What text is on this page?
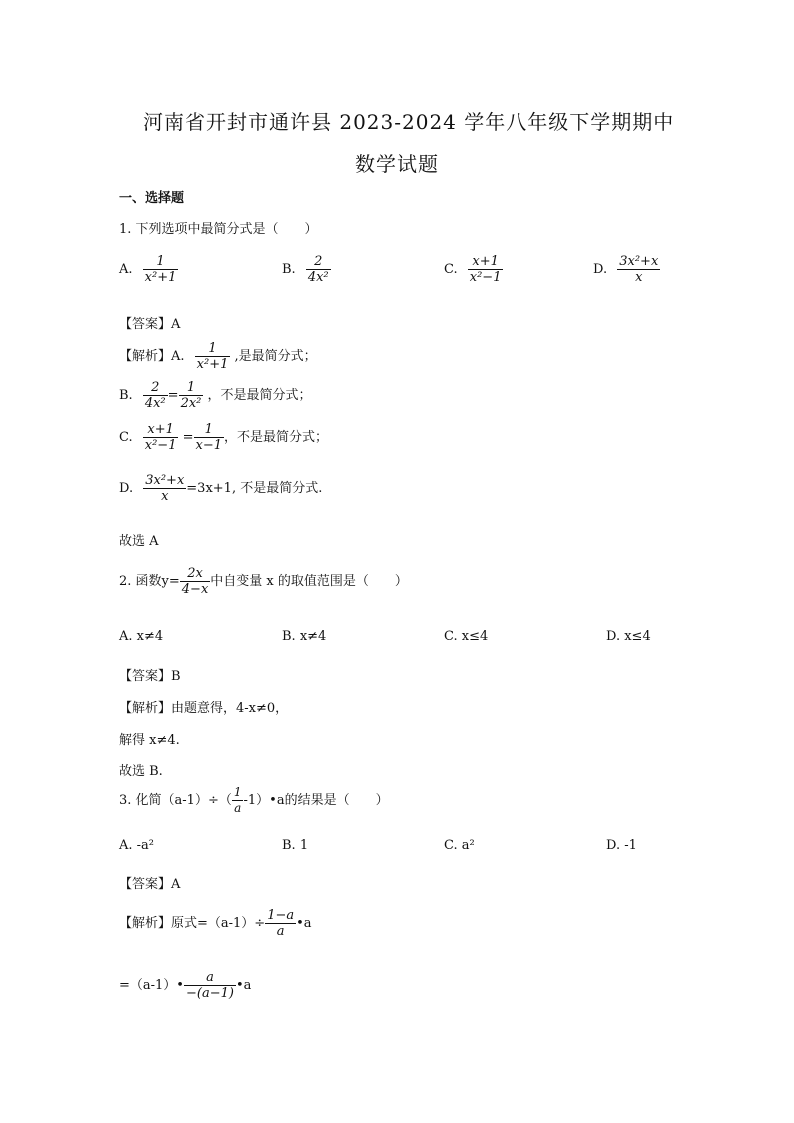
河南省开封市通许县 2023-2024 学年八年级下学期期中
数学试题
一、选择题
1. 下列选项中最简分式是（　　）
A. $\frac{1}{\text{x²+1}}$	B. $\frac{2}{\text{4x²}}$	C. $\frac{x+1}{\text{x²−1}}$	D. $\frac{\text{3x²+x}}{x}$
【答案】A
【解析】A. $\frac{1}{\text{x²+1}}$ ,是最简分式；
B. $\frac{2}{\text{4x²}} = \frac{1}{\text{2x²}}$ ，不是最简分式；
C. $\frac{x+1}{\text{x²−1}} = \frac{1}{x-1}$ ，不是最简分式；
D. $\frac{\text{3x²+x}}{x} =3x+1$, 不是最简分式.
故选 A
2. 函数$y= \frac{2x}{4-x}$ 中自变量 x 的取值范围是（　　）
A. x≠4	B. x≠4	C. x≤4	D. x≤4
【答案】B
【解析】由题意得，4-x≠0，
解得 x≠4.
故选 B.
3. 化简$(a-1)\div( \frac{1}{a}$ -1）•a的结果是（　　）
A. -a²	B. 1	C. a²	D. -1
【答案】A
【解析】原式$=(a-1)\div \frac{1-a}{a}$ •a
=（a-1）• $\frac{a}{-(a-1)}$ •a
